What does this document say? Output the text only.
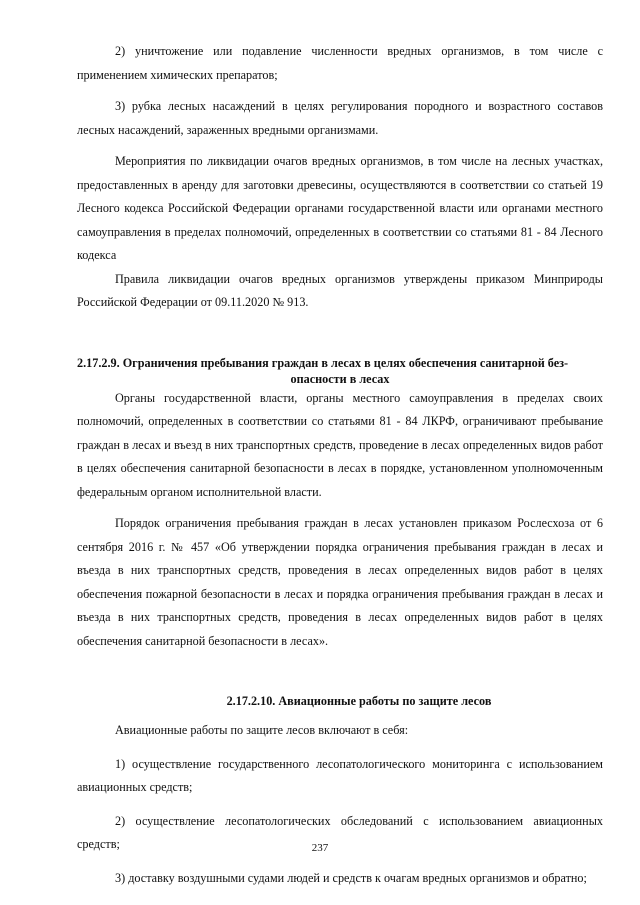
2) уничтожение или подавление численности вредных организмов, в том числе с применением химических препаратов;

3) рубка лесных насаждений в целях регулирования породного и возрастного составов лесных насаждений, зараженных вредными организмами.

Мероприятия по ликвидации очагов вредных организмов, в том числе на лесных участках, предоставленных в аренду для заготовки древесины, осуществляются в соответствии со статьей 19 Лесного кодекса Российской Федерации органами государственной власти или органами местного самоуправления в пределах полномочий, определенных в соответствии со статьями 81 - 84 Лесного кодекса

Правила ликвидации очагов вредных организмов утверждены приказом Минприроды Российской Федерации от 09.11.2020 № 913.

2.17.2.9. Ограничения пребывания граждан в лесах в целях обеспечения санитарной без-
опасности в лесах

Органы государственной власти, органы местного самоуправления в пределах своих полномочий, определенных в соответствии со статьями 81 - 84 ЛКРФ, ограничивают пребывание граждан в лесах и въезд в них транспортных средств, проведение в лесах определенных видов работ в целях обеспечения санитарной безопасности в лесах в порядке, установленном уполномоченным федеральным органом исполнительной власти.

Порядок ограничения пребывания граждан в лесах установлен приказом Рослесхоза от 6 сентября 2016 г. № 457 «Об утверждении порядка ограничения пребывания граждан в лесах и въезда в них транспортных средств, проведения в лесах определенных видов работ в целях обеспечения пожарной безопасности в лесах и порядка ограничения пребывания граждан в лесах и въезда в них транспортных средств, проведения в лесах определенных видов работ в целях обеспечения санитарной безопасности в лесах».

2.17.2.10. Авиационные работы по защите лесов

Авиационные работы по защите лесов включают в себя:

1) осуществление государственного лесопатологического мониторинга с использованием авиационных средств;

2) осуществление лесопатологических обследований с использованием авиационных средств;

3) доставку воздушными судами людей и средств к очагам вредных организмов и обратно;

237
